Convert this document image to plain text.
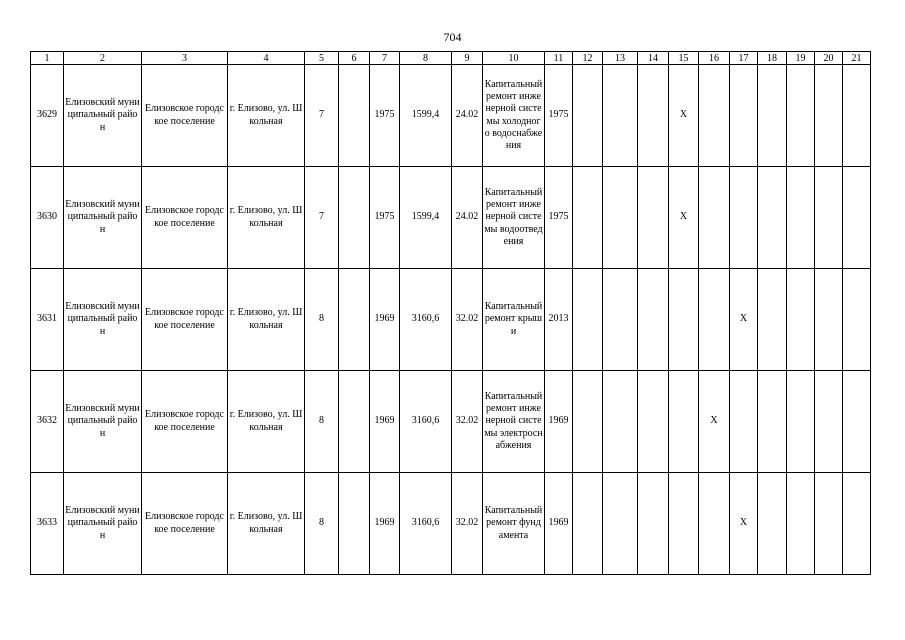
704
1	2	3	4	5	6	7	8	9	10	11	12	13	14	15	16	17	18	19	20	21
3629	Елизовский муниципальный район	Елизовское городское поселение	г. Елизово, ул. Школьная	7		1975	1599,4	24.02	Капитальный ремонт инженерной системы холодного водоснабжения	1975				X						
3630	Елизовский муниципальный район	Елизовское городское поселение	г. Елизово, ул. Школьная	7		1975	1599,4	24.02	Капитальный ремонт инженерной системы водоотведения	1975				X						
3631	Елизовский муниципальный район	Елизовское городское поселение	г. Елизово, ул. Школьная	8		1969	3160,6	32.02	Капитальный ремонт крыши	2013						X				
3632	Елизовский муниципальный район	Елизовское городское поселение	г. Елизово, ул. Школьная	8		1969	3160,6	32.02	Капитальный ремонт инженерной системы электроснабжения	1969					X					
3633	Елизовский муниципальный район	Елизовское городское поселение	г. Елизово, ул. Школьная	8		1969	3160,6	32.02	Капитальный ремонт фундамента	1969						X				
